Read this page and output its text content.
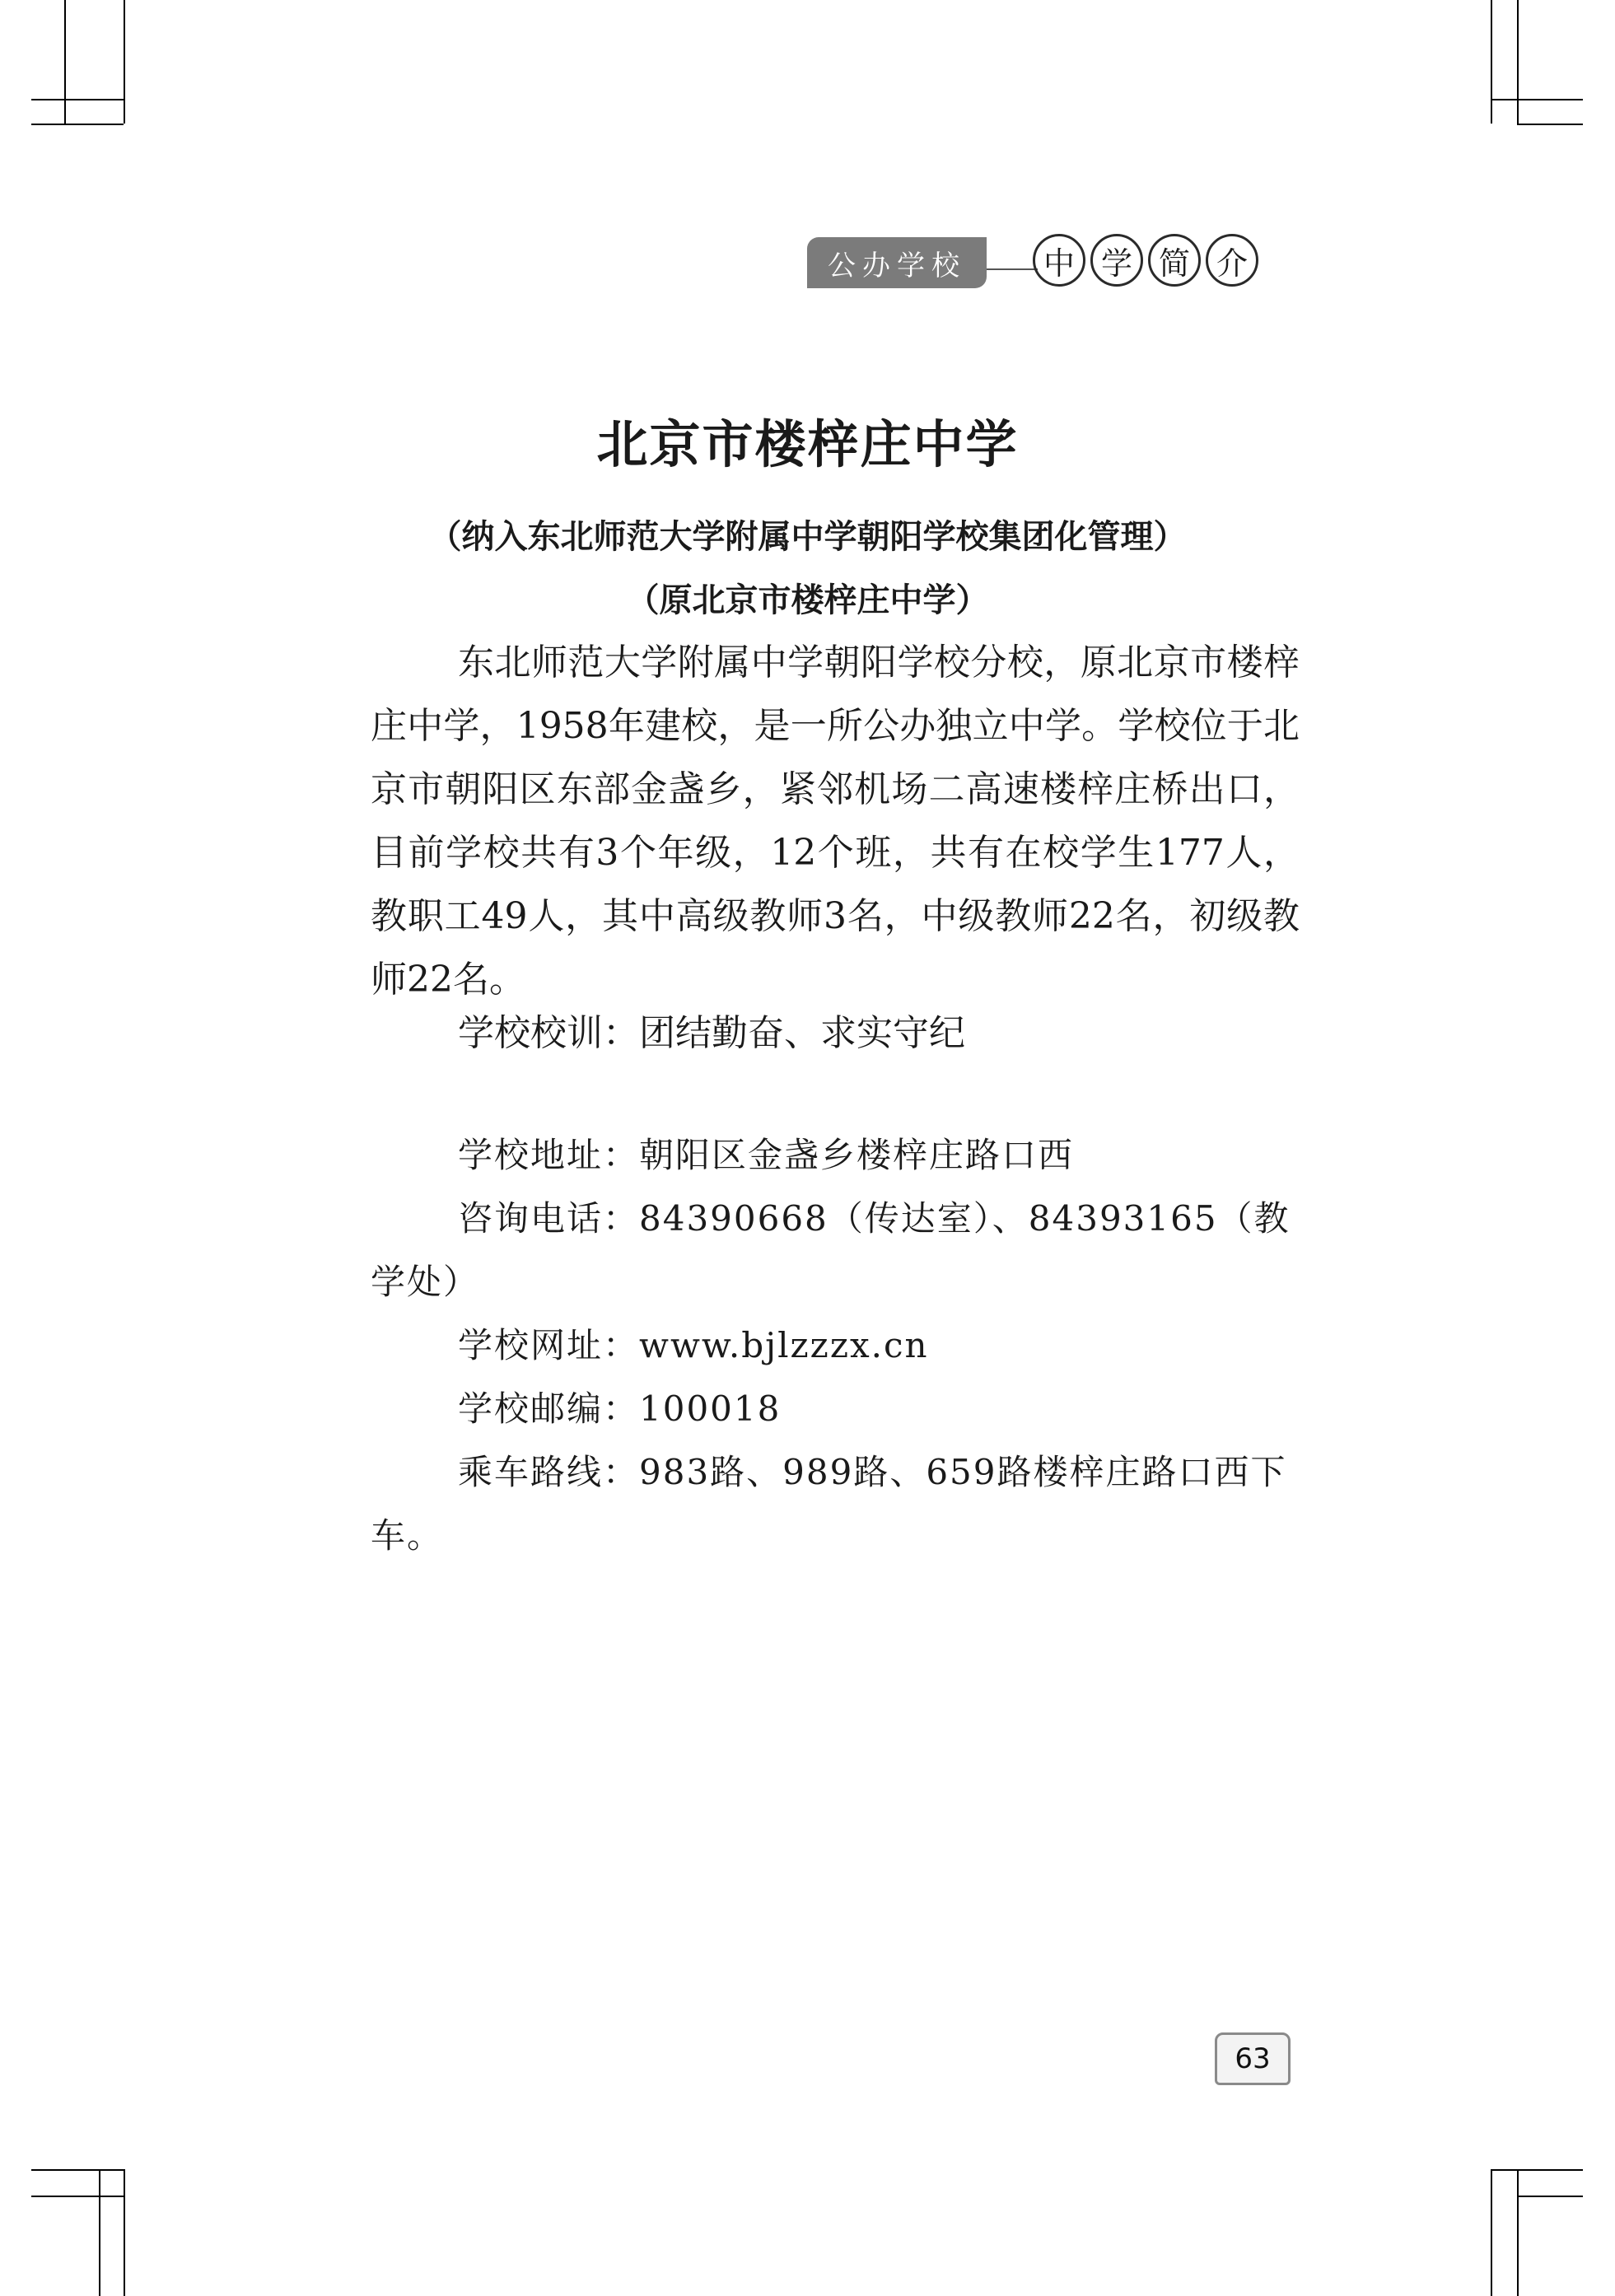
公办学校	中 学 简 介
北京市楼梓庄中学
（纳入东北师范大学附属中学朝阳学校集团化管理）
（原北京市楼梓庄中学）

东北师范大学附属中学朝阳学校分校，原北京市楼梓庄中学，1958年建校，是一所公办独立中学。学校位于北京市朝阳区东部金盏乡，紧邻机场二高速楼梓庄桥出口，目前学校共有3个年级，12个班，共有在校学生177人，教职工49人，其中高级教师3名，中级教师22名，初级教师22名。

学校校训：团结勤奋、求实守纪

学校地址：朝阳区金盏乡楼梓庄路口西

咨询电话：84390668（传达室）、84393165（教学处）

学校网址：www.bjlzzzx.cn

学校邮编：100018

乘车路线：983路、989路、659路楼梓庄路口西下车。

63
